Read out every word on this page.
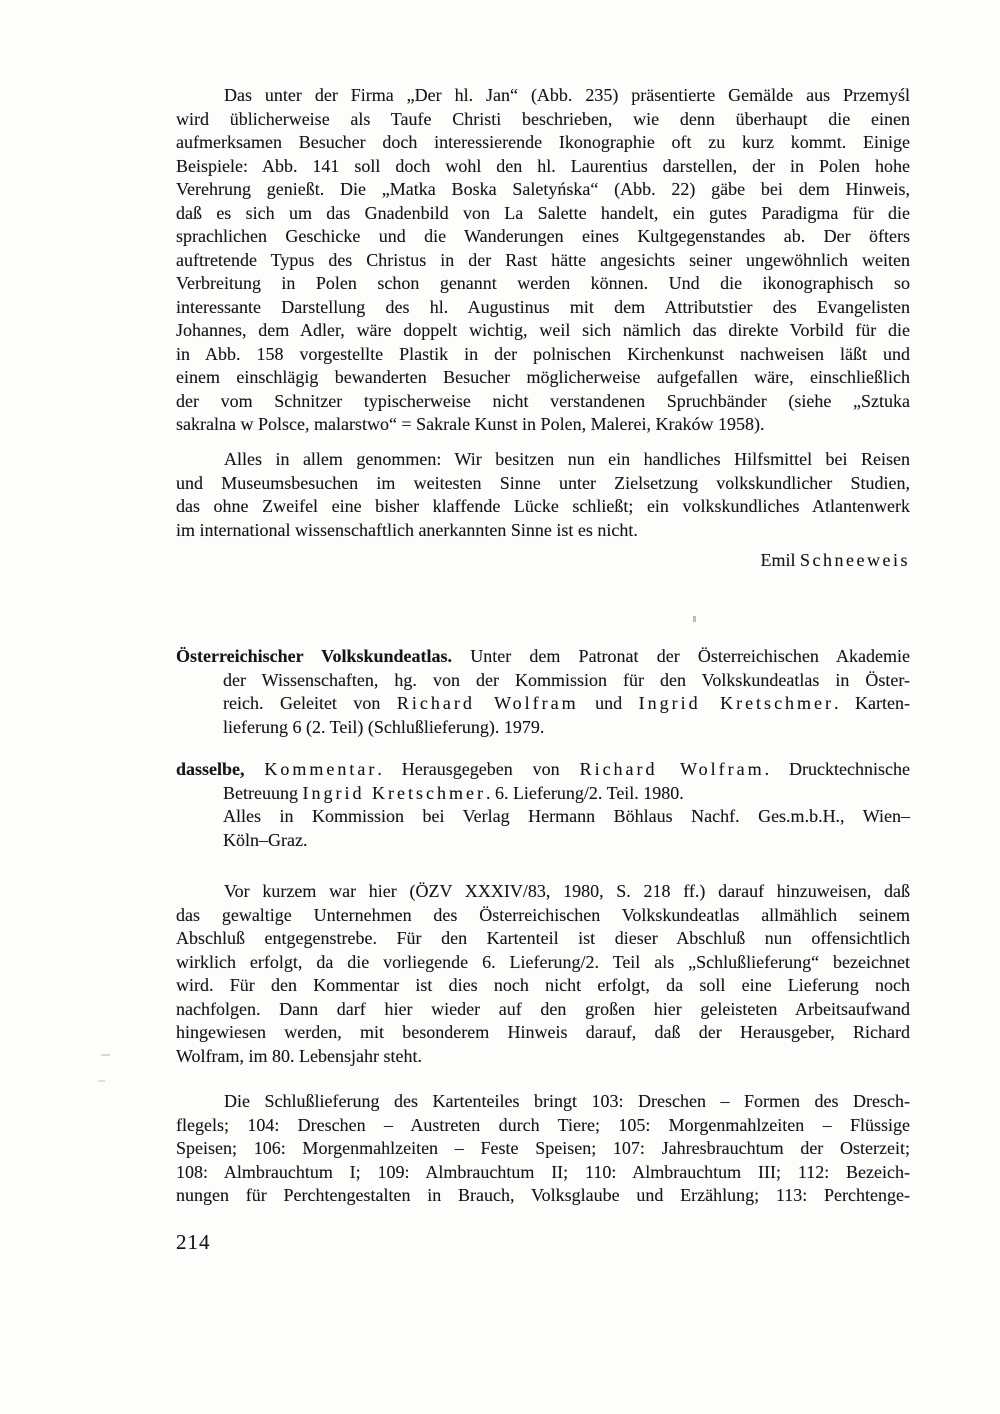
Das unter der Firma „Der hl. Jan“ (Abb. 235) präsentierte Gemälde aus Przemyśl
wird üblicherweise als Taufe Christi beschrieben, wie denn überhaupt die einen
aufmerksamen Besucher doch interessierende Ikonographie oft zu kurz kommt. Einige
Beispiele: Abb. 141 soll doch wohl den hl. Laurentius darstellen, der in Polen hohe
Verehrung genießt. Die „Matka Boska Saletyńska“ (Abb. 22) gäbe bei dem Hinweis,
daß es sich um das Gnadenbild von La Salette handelt, ein gutes Paradigma für die
sprachlichen Geschicke und die Wanderungen eines Kultgegenstandes ab. Der öfters
auftretende Typus des Christus in der Rast hätte angesichts seiner ungewöhnlich weiten
Verbreitung in Polen schon genannt werden können. Und die ikonographisch so
interessante Darstellung des hl. Augustinus mit dem Attributstier des Evangelisten
Johannes, dem Adler, wäre doppelt wichtig, weil sich nämlich das direkte Vorbild für die
in Abb. 158 vorgestellte Plastik in der polnischen Kirchenkunst nachweisen läßt und
einem einschlägig bewanderten Besucher möglicherweise aufgefallen wäre, einschließlich
der vom Schnitzer typischerweise nicht verstandenen Spruchbänder (siehe „Sztuka
sakralna w Polsce, malarstwo“ = Sakrale Kunst in Polen, Malerei, Kraków 1958).
Alles in allem genommen: Wir besitzen nun ein handliches Hilfsmittel bei Reisen
und Museumsbesuchen im weitesten Sinne unter Zielsetzung volkskundlicher Studien,
das ohne Zweifel eine bisher klaffende Lücke schließt; ein volkskundliches Atlantenwerk
im international wissenschaftlich anerkannten Sinne ist es nicht.
Emil Schneeweis
Österreichischer Volkskundeatlas. Unter dem Patronat der Österreichischen Akademie
der Wissenschaften, hg. von der Kommission für den Volkskundeatlas in Öster-
reich. Geleitet von Richard Wolfram und Ingrid Kretschmer. Karten-
lieferung 6 (2. Teil) (Schlußlieferung). 1979.
dasselbe, Kommentar. Herausgegeben von Richard Wolfram. Drucktechnische
Betreuung Ingrid Kretschmer. 6. Lieferung/2. Teil. 1980.
Alles in Kommission bei Verlag Hermann Böhlaus Nachf. Ges.m.b.H., Wien–
Köln–Graz.
Vor kurzem war hier (ÖZV XXXIV/83, 1980, S. 218 ff.) darauf hinzuweisen, daß
das gewaltige Unternehmen des Österreichischen Volkskundeatlas allmählich seinem
Abschluß entgegenstrebe. Für den Kartenteil ist dieser Abschluß nun offensichtlich
wirklich erfolgt, da die vorliegende 6. Lieferung/2. Teil als „Schlußlieferung“ bezeichnet
wird. Für den Kommentar ist dies noch nicht erfolgt, da soll eine Lieferung noch
nachfolgen. Dann darf hier wieder auf den großen hier geleisteten Arbeitsaufwand
hingewiesen werden, mit besonderem Hinweis darauf, daß der Herausgeber, Richard
Wolfram, im 80. Lebensjahr steht.
Die Schlußlieferung des Kartenteiles bringt 103: Dreschen – Formen des Dresch-
flegels; 104: Dreschen – Austreten durch Tiere; 105: Morgenmahlzeiten – Flüssige
Speisen; 106: Morgenmahlzeiten – Feste Speisen; 107: Jahresbrauchtum der Osterzeit;
108: Almbrauchtum I; 109: Almbrauchtum II; 110: Almbrauchtum III; 112: Bezeich-
nungen für Perchtengestalten in Brauch, Volksglaube und Erzählung; 113: Perchtenge-
214
